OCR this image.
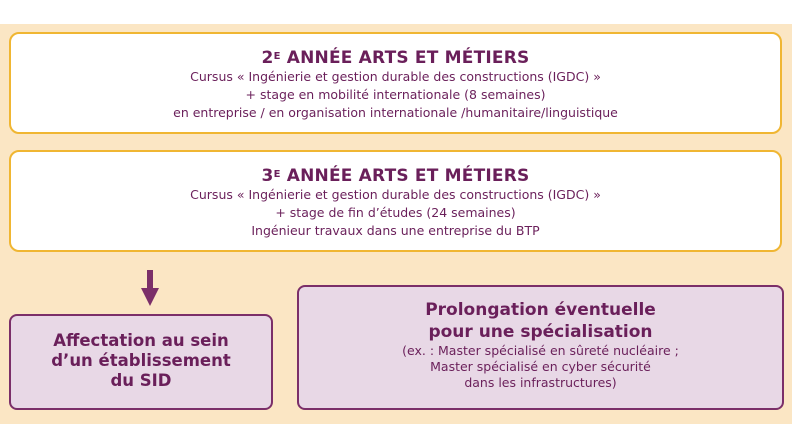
$2^E$ ANNÉE ARTS ET MÉTIERS
Cursus « Ingénierie et gestion durable des constructions (IGDC) »
+ stage en mobilité internationale (8 semaines)
en entreprise / en organisation internationale /humanitaire/linguistique
$3^E$ ANNÉE ARTS ET MÉTIERS
Cursus « Ingénierie et gestion durable des constructions (IGDC) »
+ stage de fin d’études (24 semaines)
Ingénieur travaux dans une entreprise du BTP
Affectation au sein
d’un établissement
du SID
Prolongation éventuelle
pour une spécialisation
(ex. : Master spécialisé en sûreté nucléaire ;
Master spécialisé en cyber sécurité
dans les infrastructures)
